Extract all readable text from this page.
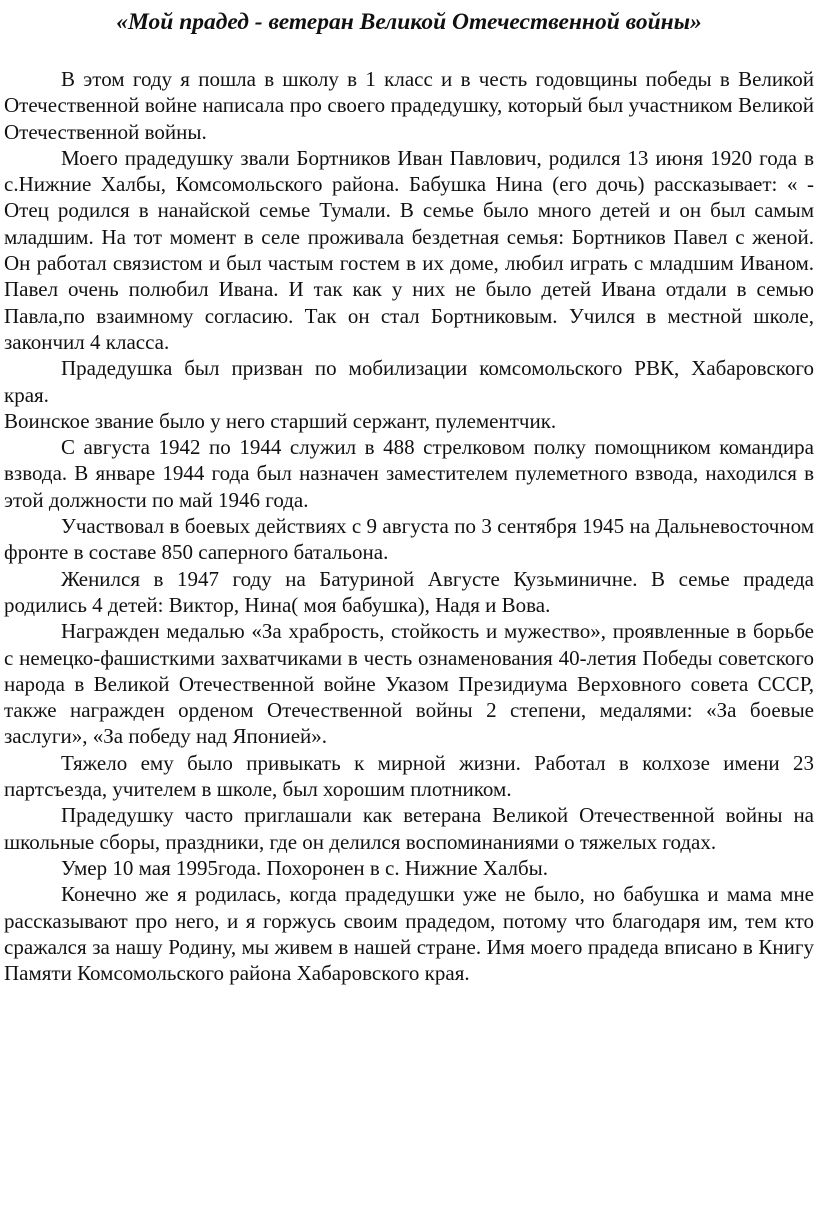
«Мой прадед - ветеран Великой Отечественной войны»

В этом году я пошла в школу в 1 класс и в честь годовщины победы в Великой Отечественной войне написала про своего прадедушку, который был участником Великой Отечественной войны.

Моего прадедушку звали Бортников Иван Павлович, родился 13 июня 1920 года в с.Нижние Халбы, Комсомольского района. Бабушка Нина (его дочь) рассказывает: « - Отец родился в нанайской семье Тумали. В семье было много детей и он был самым младшим. На тот момент в селе проживала бездетная семья: Бортников Павел с женой. Он работал связистом и был частым гостем в их доме, любил играть с младшим Иваном. Павел очень полюбил Ивана. И так как у них не было детей Ивана отдали в семью Павла,по взаимному согласию. Так он стал Бортниковым. Учился в местной школе, закончил 4 класса.

Прадедушка был призван по мобилизации комсомольского РВК, Хабаровского края.

Воинское звание было у него старший сержант, пулементчик.

С августа 1942 по 1944 служил в 488 стрелковом полку помощником командира взвода. В январе 1944 года был назначен заместителем пулеметного взвода, находился в этой должности по май 1946 года.

Участвовал в боевых действиях с 9 августа по 3 сентября 1945 на Дальневосточном фронте в составе 850 саперного батальона.

Женился в 1947 году на Батуриной Августе Кузьминичне. В семье прадеда родились 4 детей: Виктор, Нина( моя бабушка), Надя и Вова.

Награжден медалью «За храбрость, стойкость и мужество», проявленные в борьбе с немецко-фашисткими захватчиками в честь ознаменования 40-летия Победы советского народа в Великой Отечественной войне Указом Президиума Верховного совета СССР, также награжден орденом Отечественной войны 2 степени, медалями: «За боевые заслуги», «За победу над Японией».

Тяжело ему было привыкать к мирной жизни. Работал в колхозе имени 23 партсъезда, учителем в школе, был хорошим плотником.

Прадедушку часто приглашали как ветерана Великой Отечественной войны на школьные сборы, праздники, где он делился воспоминаниями о тяжелых годах.

Умер 10 мая 1995года. Похоронен в с. Нижние Халбы.

Конечно же я родилась, когда прадедушки уже не было, но бабушка и мама мне рассказывают про него, и я горжусь своим прадедом, потому что благодаря им, тем кто сражался за нашу Родину, мы живем в нашей стране. Имя моего прадеда вписано в Книгу Памяти Комсомольского района Хабаровского края.
